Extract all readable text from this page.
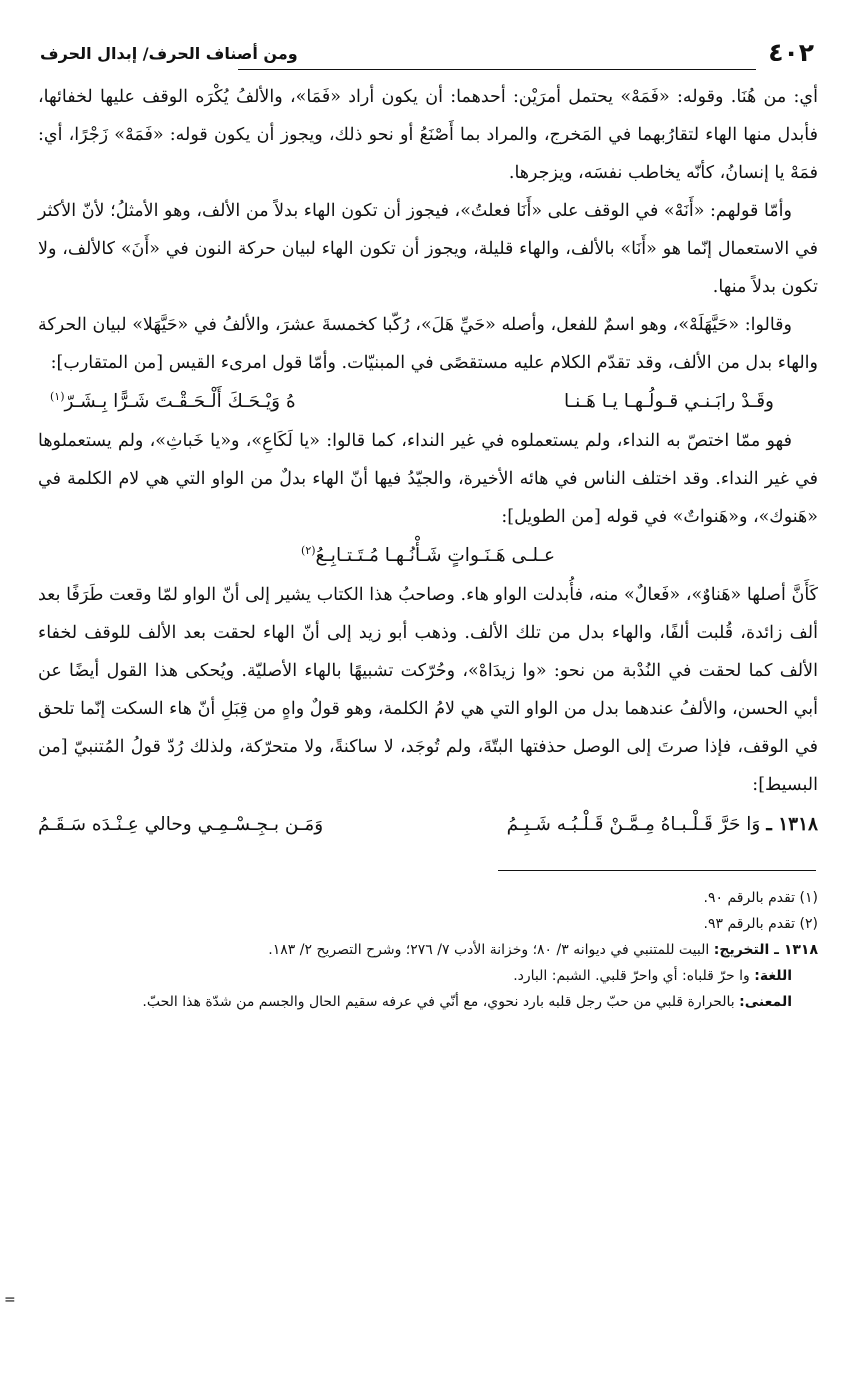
٤٠٢
ومن أصناف الحرف/ إبدال الحرف

أي: من هُنَا. وقوله: «فَمَهْ» يحتمل أمرَيْن: أحدهما: أن يكون أراد «فَمَا»، والألفُ يُكْرَه الوقف عليها لخفائها، فأبدل منها الهاء لتقارُبهما في المَخرج، والمراد بما أَصْنَعُ أو نحو ذلك، ويجوز أن يكون قوله: «فَمَهْ» زَجْرًا، أي: فمَهْ يا إنسانُ، كأنّه يخاطب نفسَه، ويزجرها.

وأمّا قولهم: «أَنَهْ» في الوقف على «أَنَا فعلتُ»، فيجوز أن تكون الهاء بدلاً من الألف، وهو الأمثلُ؛ لأنّ الأكثر في الاستعمال إنّما هو «أَنَا» بالألف، والهاء قليلة، ويجوز أن تكون الهاء لبيان حركة النون في «أَنَ» كالألف، ولا تكون بدلاً منها.

وقالوا: «حَيَّهَلَهْ»، وهو اسمٌ للفعل، وأصله «حَيِّ هَلَ»، رُكّبا كخمسةَ عشرَ، والألفُ في «حَيَّهَلا» لبيان الحركة والهاء بدل من الألف، وقد تقدّم الكلام عليه مستقصًى في المبنيّات. وأمّا قول امرىء القيس [من المتقارب]:

وقَـدْ رابَـنـي قـولُـهـا يـا هَـنـا
ﻩُ وَيْـحَـكَ أَلْـحَـقْـتَ شَـرًّا بِـشَـرّ$^{(١)}$

فهو ممّا اختصّ به النداء، ولم يستعملوه في غير النداء، كما قالوا: «يا لَكَاعِ»، و«يا خَباثِ»، ولم يستعملوها في غير النداء. وقد اختلف الناس في هائه الأخيرة، والجيّدُ فيها أنّ الهاء بدلٌ من الواو التي هي لام الكلمة في «هَنوك»، و«هَنواتٌ» في قوله [من الطويل]:

عـلـى هَـنَـواتٍ شَـأْنُـهـا مُـتَـتـابِـعُ$^{(٢)}$

كَأَنَّ أصلها «هَناوٌ»، «فَعالٌ» منه، فأُبدلت الواو هاء. وصاحبُ هذا الكتاب يشير إلى أنّ الواو لمّا وقعت طَرَفًا بعد ألف زائدة، قُلبت ألفًا، والهاء بدل من تلك الألف. وذهب أبو زيد إلى أنّ الهاء لحقت بعد الألف للوقف لخفاء الألف كما لحقت في النُدْبة من نحو: «وا زيدَاهْ»، وحُرّكت تشبيهًا بالهاء الأصليّة. ويُحكى هذا القول أيضًا عن أبي الحسن، والألفُ عندهما بدل من الواو التي هي لامُ الكلمة، وهو قولٌ واهٍ من قِبَلِ أنّ هاء السكت إنّما تلحق في الوقف، فإذا صرتَ إلى الوصل حذفتها البتّةَ، ولم تُوجَد، لا ساكنةً، ولا متحرّكة، ولذلك رُدّ قولُ المُتنبيّ [من البسيط]:

١٣١٨ ـ
وَا حَرَّ قَـلْـبـاهُ مِـمَّـنْ قَـلْـبُـه شَـبِـمُ
وَمَـن بـجِـسْـمِـي وحالي عِـنْـدَه سَـقَـمُ

(١) تقدم بالرقم ٩٠.

(٢) تقدم بالرقم ٩٣.

١٣١٨ ـ التخريج: البيت للمتنبي في ديوانه ٣/ ٨٠؛ وخزانة الأدب ٧/ ٢٧٦؛ وشرح التصريح ٢/ ١٨٣.

اللغة: وا حرّ قلباه: أي واحرّ قلبي. الشبم: البارد.

المعنى: بالحرارة قلبي من حبّ رجل قلبه بارد نحوي، مع أنّي في عرفه سقيم الحال والجسم من شدّة هذا الحبّ.

=
